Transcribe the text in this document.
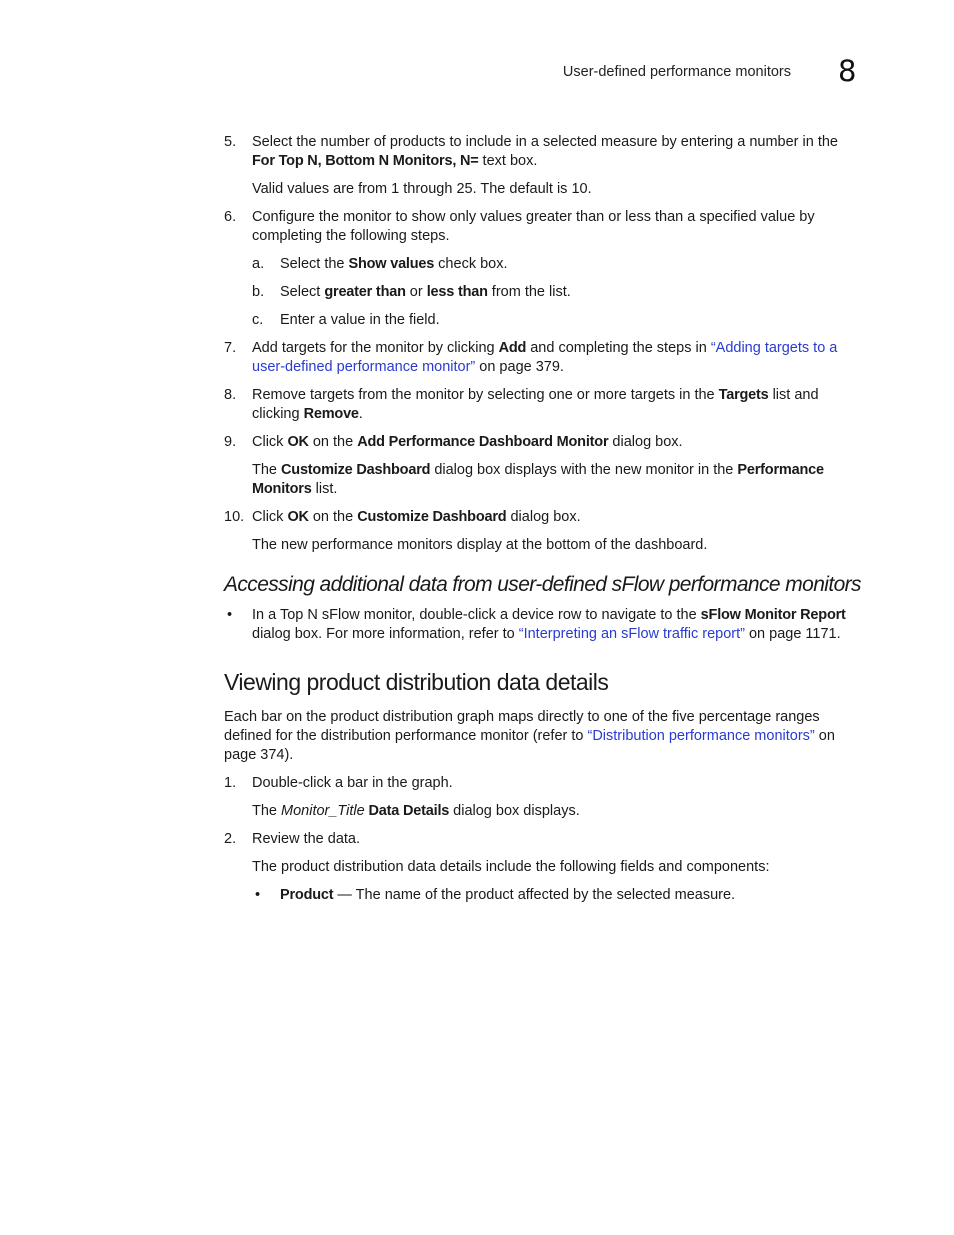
User-defined performance monitors 8
5. Select the number of products to include in a selected measure by entering a number in the For Top N, Bottom N Monitors, N= text box.
Valid values are from 1 through 25. The default is 10.
6. Configure the monitor to show only values greater than or less than a specified value by completing the following steps.
a. Select the Show values check box.
b. Select greater than or less than from the list.
c. Enter a value in the field.
7. Add targets for the monitor by clicking Add and completing the steps in “Adding targets to a user-defined performance monitor” on page 379.
8. Remove targets from the monitor by selecting one or more targets in the Targets list and clicking Remove.
9. Click OK on the Add Performance Dashboard Monitor dialog box.
The Customize Dashboard dialog box displays with the new monitor in the Performance Monitors list.
10. Click OK on the Customize Dashboard dialog box.
The new performance monitors display at the bottom of the dashboard.
Accessing additional data from user-defined sFlow performance monitors
• In a Top N sFlow monitor, double-click a device row to navigate to the sFlow Monitor Report dialog box. For more information, refer to “Interpreting an sFlow traffic report” on page 1171.
Viewing product distribution data details
Each bar on the product distribution graph maps directly to one of the five percentage ranges defined for the distribution performance monitor (refer to “Distribution performance monitors” on page 374).
1. Double-click a bar in the graph.
The Monitor_Title Data Details dialog box displays.
2. Review the data.
The product distribution data details include the following fields and components:
• Product — The name of the product affected by the selected measure.
